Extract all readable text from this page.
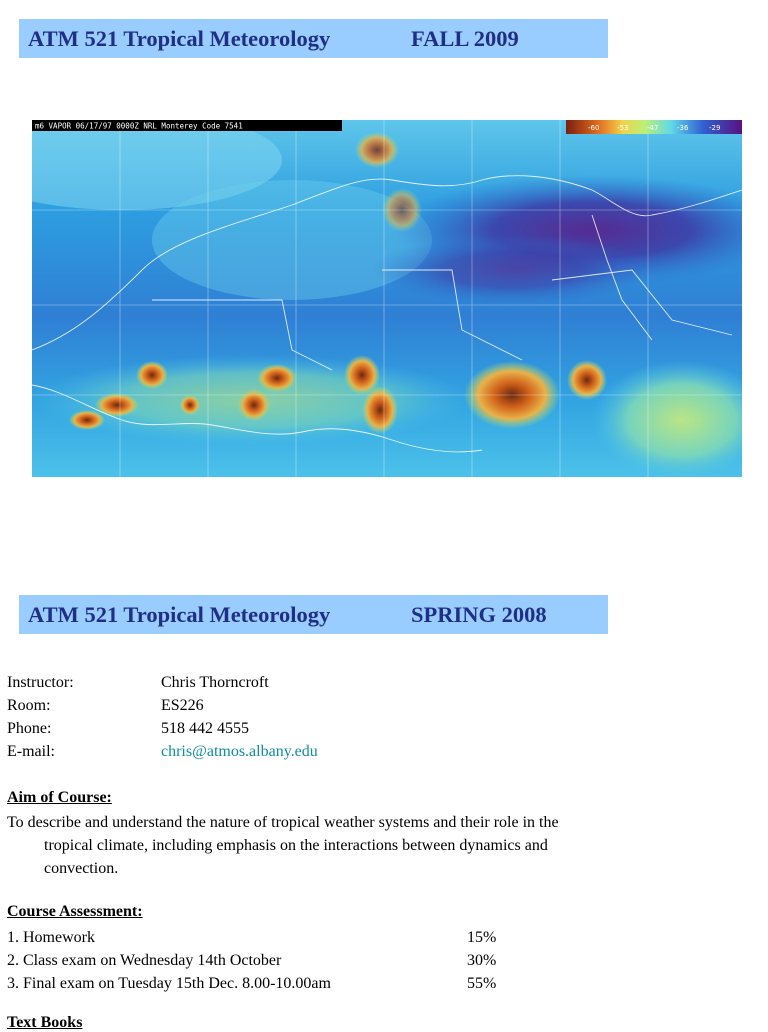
ATM 521 Tropical Meteorology	FALL 2009
m6 VAPOR 06/17/97 0000Z NRL Monterey Code 7541	-60	-53	-47	-36	-29
ATM 521 Tropical Meteorology	SPRING 2008
Instructor:	Chris Thorncroft
Room:	ES226
Phone:	518 442 4555
E-mail:	chris@atmos.albany.edu
Aim of Course:
To describe and understand the nature of tropical weather systems and their role in the
tropical climate, including emphasis on the interactions between dynamics and
convection.
Course Assessment:
1. Homework	15%
2. Class exam on Wednesday 14th October	30%
3. Final exam on Tuesday 15th Dec. 8.00-10.00am	55%
Text Books
